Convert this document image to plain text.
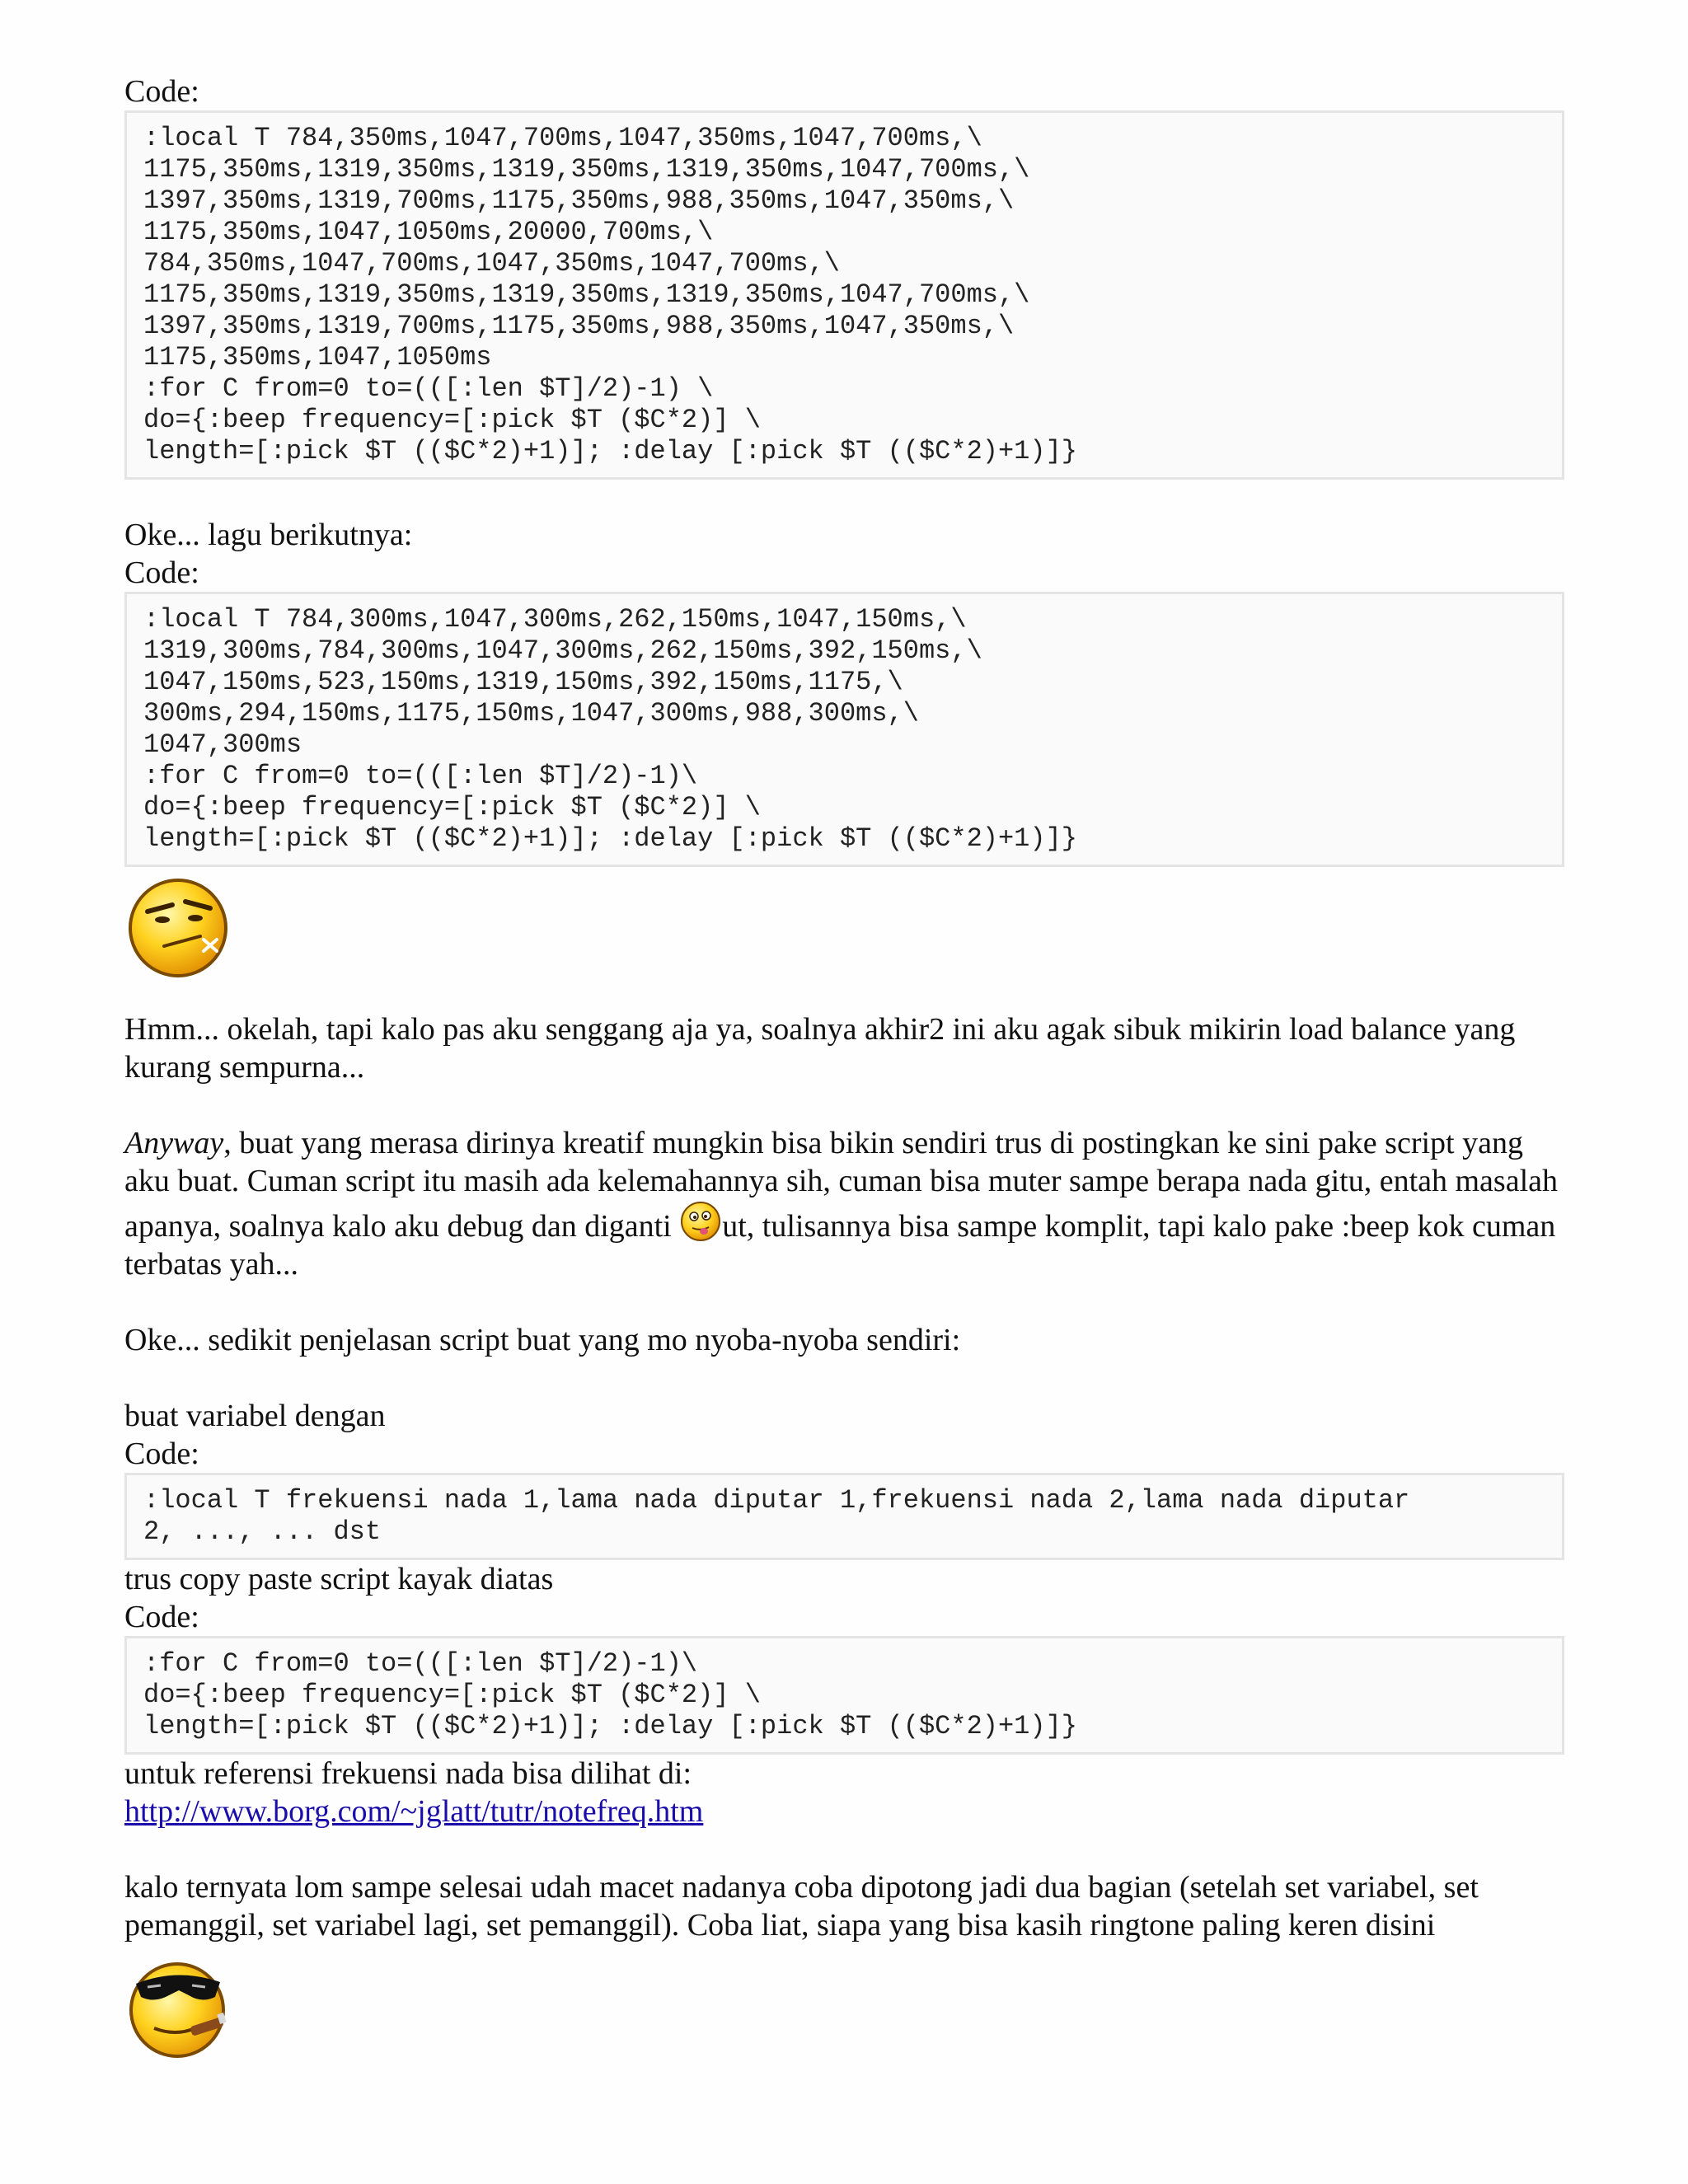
Code:
:local T 784,350ms,1047,700ms,1047,350ms,1047,700ms,\
1175,350ms,1319,350ms,1319,350ms,1319,350ms,1047,700ms,\
1397,350ms,1319,700ms,1175,350ms,988,350ms,1047,350ms,\
1175,350ms,1047,1050ms,20000,700ms,\
784,350ms,1047,700ms,1047,350ms,1047,700ms,\
1175,350ms,1319,350ms,1319,350ms,1319,350ms,1047,700ms,\
1397,350ms,1319,700ms,1175,350ms,988,350ms,1047,350ms,\
1175,350ms,1047,1050ms
:for C from=0 to=(([:len $T]/2)-1) \
do={:beep frequency=[:pick $T ($C*2)] \
length=[:pick $T (($C*2)+1)]; :delay [:pick $T (($C*2)+1)]}

Oke... lagu berikutnya:

Code:
:local T 784,300ms,1047,300ms,262,150ms,1047,150ms,\
1319,300ms,784,300ms,1047,300ms,262,150ms,392,150ms,\
1047,150ms,523,150ms,1319,150ms,392,150ms,1175,\
300ms,294,150ms,1175,150ms,1047,300ms,988,300ms,\
1047,300ms
:for C from=0 to=(([:len $T]/2)-1)\
do={:beep frequency=[:pick $T ($C*2)] \
length=[:pick $T (($C*2)+1)]; :delay [:pick $T (($C*2)+1)]}

Hmm... okelah, tapi kalo pas aku senggang aja ya, soalnya akhir2 ini aku agak sibuk mikirin load balance yang kurang sempurna...

Anyway, buat yang merasa dirinya kreatif mungkin bisa bikin sendiri trus di postingkan ke sini pake script yang aku buat. Cuman script itu masih ada kelemahannya sih, cuman bisa muter sampe berapa nada gitu, entah masalah apanya, soalnya kalo aku debug dan diganti ut, tulisannya bisa sampe komplit, tapi kalo pake :beep kok cuman terbatas yah...

Oke... sedikit penjelasan script buat yang mo nyoba-nyoba sendiri:

buat variabel dengan

Code:
:local T frekuensi nada 1,lama nada diputar 1,frekuensi nada 2,lama nada diputar
2, ..., ... dst

trus copy paste script kayak diatas

Code:
:for C from=0 to=(([:len $T]/2)-1)\
do={:beep frequency=[:pick $T ($C*2)] \
length=[:pick $T (($C*2)+1)]; :delay [:pick $T (($C*2)+1)]}

untuk referensi frekuensi nada bisa dilihat di:

http://www.borg.com/~jglatt/tutr/notefreq.htm

kalo ternyata lom sampe selesai udah macet nadanya coba dipotong jadi dua bagian (setelah set variabel, set pemanggil, set variabel lagi, set pemanggil). Coba liat, siapa yang bisa kasih ringtone paling keren disini
